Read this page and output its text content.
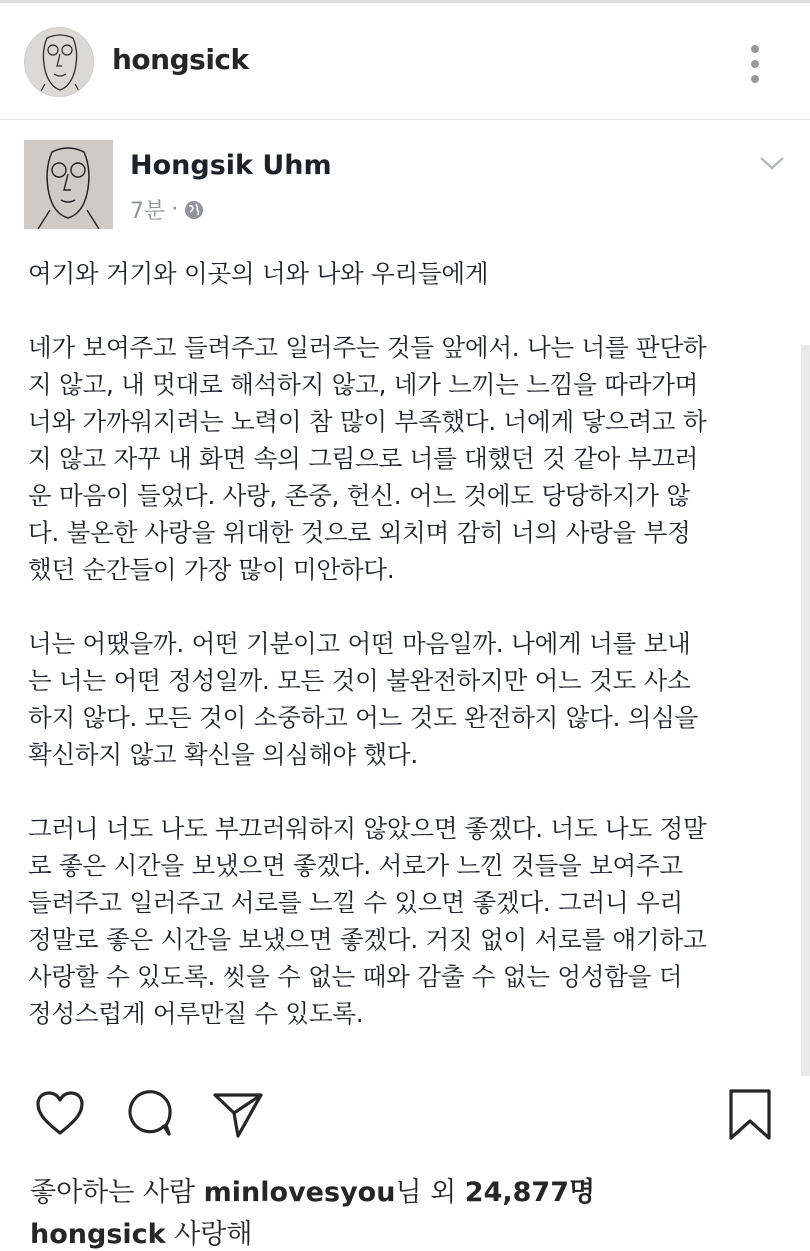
hongsick
Hongsik Uhm
7분 ·
여기와 거기와 이곳의 너와 나와 우리들에게
네가 보여주고 들려주고 일러주는 것들 앞에서. 나는 너를 판단하
지 않고, 내 멋대로 해석하지 않고, 네가 느끼는 느낌을 따라가며
너와 가까워지려는 노력이 참 많이 부족했다. 너에게 닿으려고 하
지 않고 자꾸 내 화면 속의 그림으로 너를 대했던 것 같아 부끄러
운 마음이 들었다. 사랑, 존중, 헌신. 어느 것에도 당당하지가 않
다. 불온한 사랑을 위대한 것으로 외치며 감히 너의 사랑을 부정
했던 순간들이 가장 많이 미안하다.
너는 어땠을까. 어떤 기분이고 어떤 마음일까. 나에게 너를 보내
는 너는 어떤 정성일까. 모든 것이 불완전하지만 어느 것도 사소
하지 않다. 모든 것이 소중하고 어느 것도 완전하지 않다. 의심을
확신하지 않고 확신을 의심해야 했다.
그러니 너도 나도 부끄러워하지 않았으면 좋겠다. 너도 나도 정말
로 좋은 시간을 보냈으면 좋겠다. 서로가 느낀 것들을 보여주고
들려주고 일러주고 서로를 느낄 수 있으면 좋겠다. 그러니 우리
정말로 좋은 시간을 보냈으면 좋겠다. 거짓 없이 서로를 얘기하고
사랑할 수 있도록. 씻을 수 없는 때와 감출 수 없는 엉성함을 더
정성스럽게 어루만질 수 있도록.
좋아하는 사람 minlovesyou님 외 24,877명
hongsick 사랑해
